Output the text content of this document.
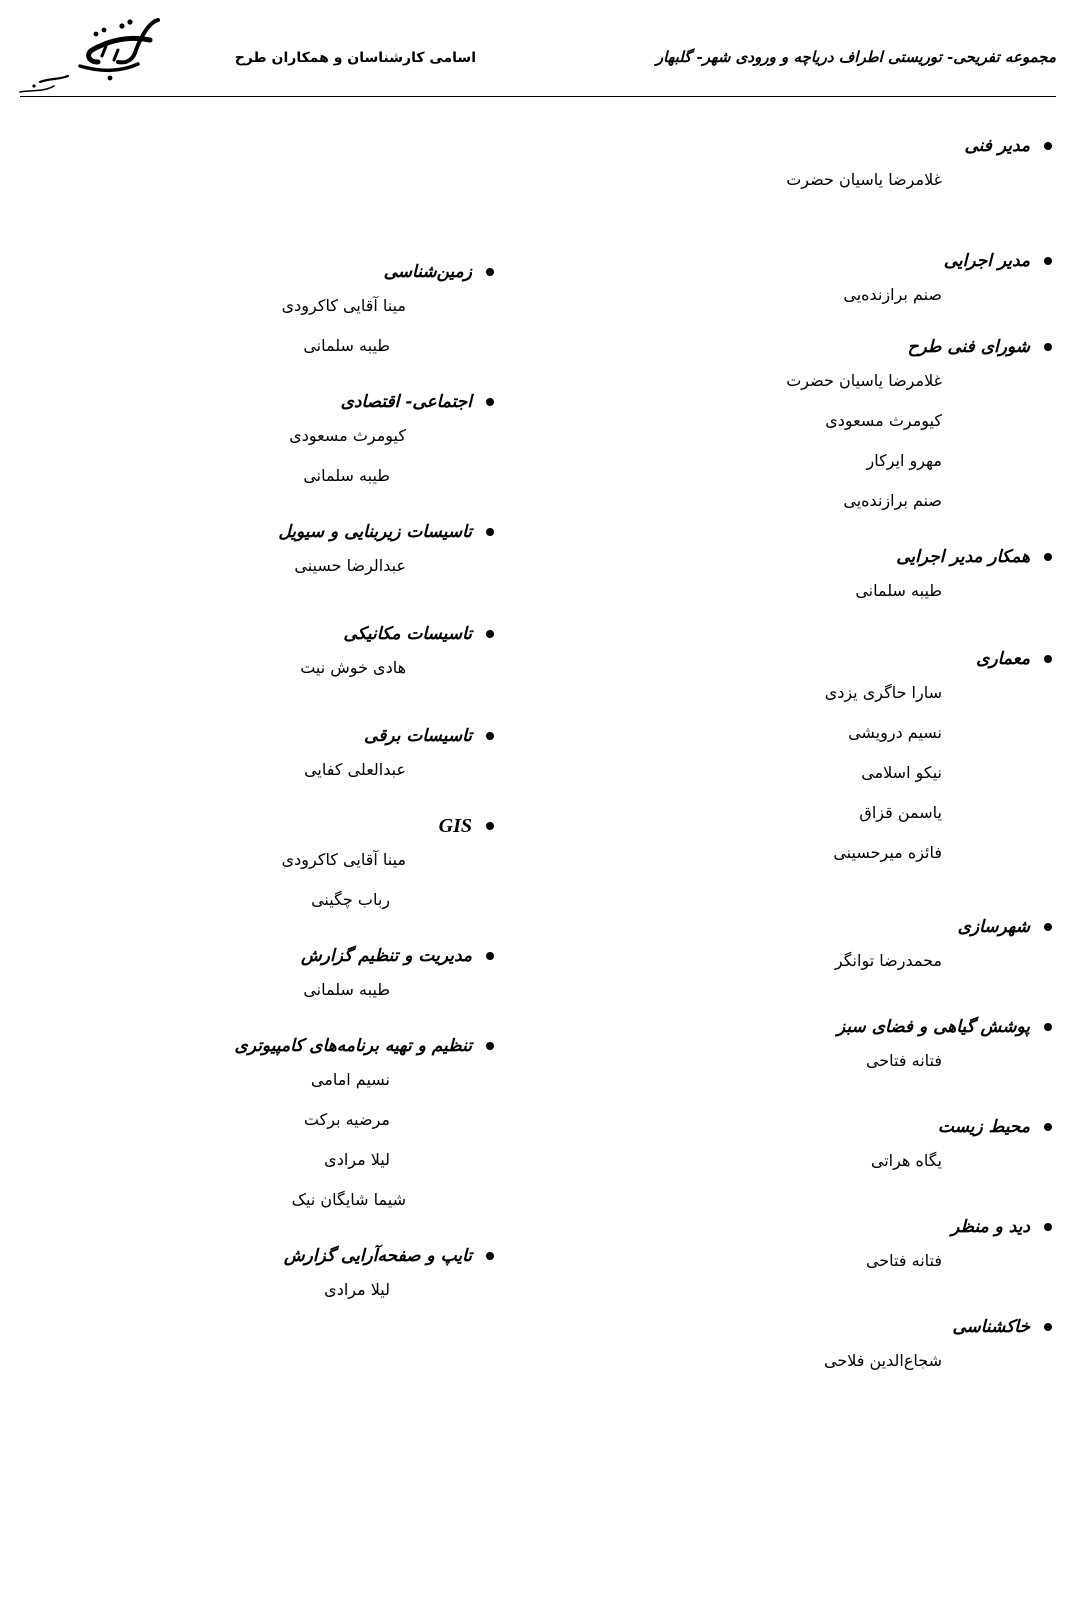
مجموعه تفریحی- توریستی اطراف دریاچه و ورودی شهر- گلبهار
اسامی کارشناسان و همکاران طرح
مدیر فنی
غلامرضا یاسیان حضرت
مدیر اجرایی
صنم برازنده‌یی
شورای فنی طرح
غلامرضا یاسیان حضرت
کیومرث مسعودی
مهرو ایرکار
صنم برازنده‌یی
همکار مدیر اجرایی
طیبه سلمانی
معماری
سارا حاگری یزدی
نسیم درویشی
نیکو اسلامی
یاسمن قزاق
فائزه میرحسینی
شهرسازی
محمدرضا توانگر
پوشش گیاهی و فضای سبز
فتانه فتاحی
محیط زیست
یگاه هراتی
دید و منظر
فتانه فتاحی
خاکشناسی
شجاع‌الدین فلاحی
زمین‌شناسی
مینا آقایی کاکرودی
طیبه سلمانی
اجتماعی- اقتصادی
کیومرث مسعودی
طیبه سلمانی
تاسیسات زیربنایی و سیویل
عبدالرضا حسینی
تاسیسات مکانیکی
هادی خوش نیت
تاسیسات برقی
عبدالعلی کفایی
GIS
مینا آقایی کاکرودی
رباب چگینی
مدیریت و تنظیم گزارش
طیبه سلمانی
تنظیم و تهیه برنامه‌های کامپیوتری
نسیم امامی
مرضیه برکت
لیلا مرادی
شیما شایگان نیک
تایپ و صفحه‌آرایی گزارش
لیلا مرادی
